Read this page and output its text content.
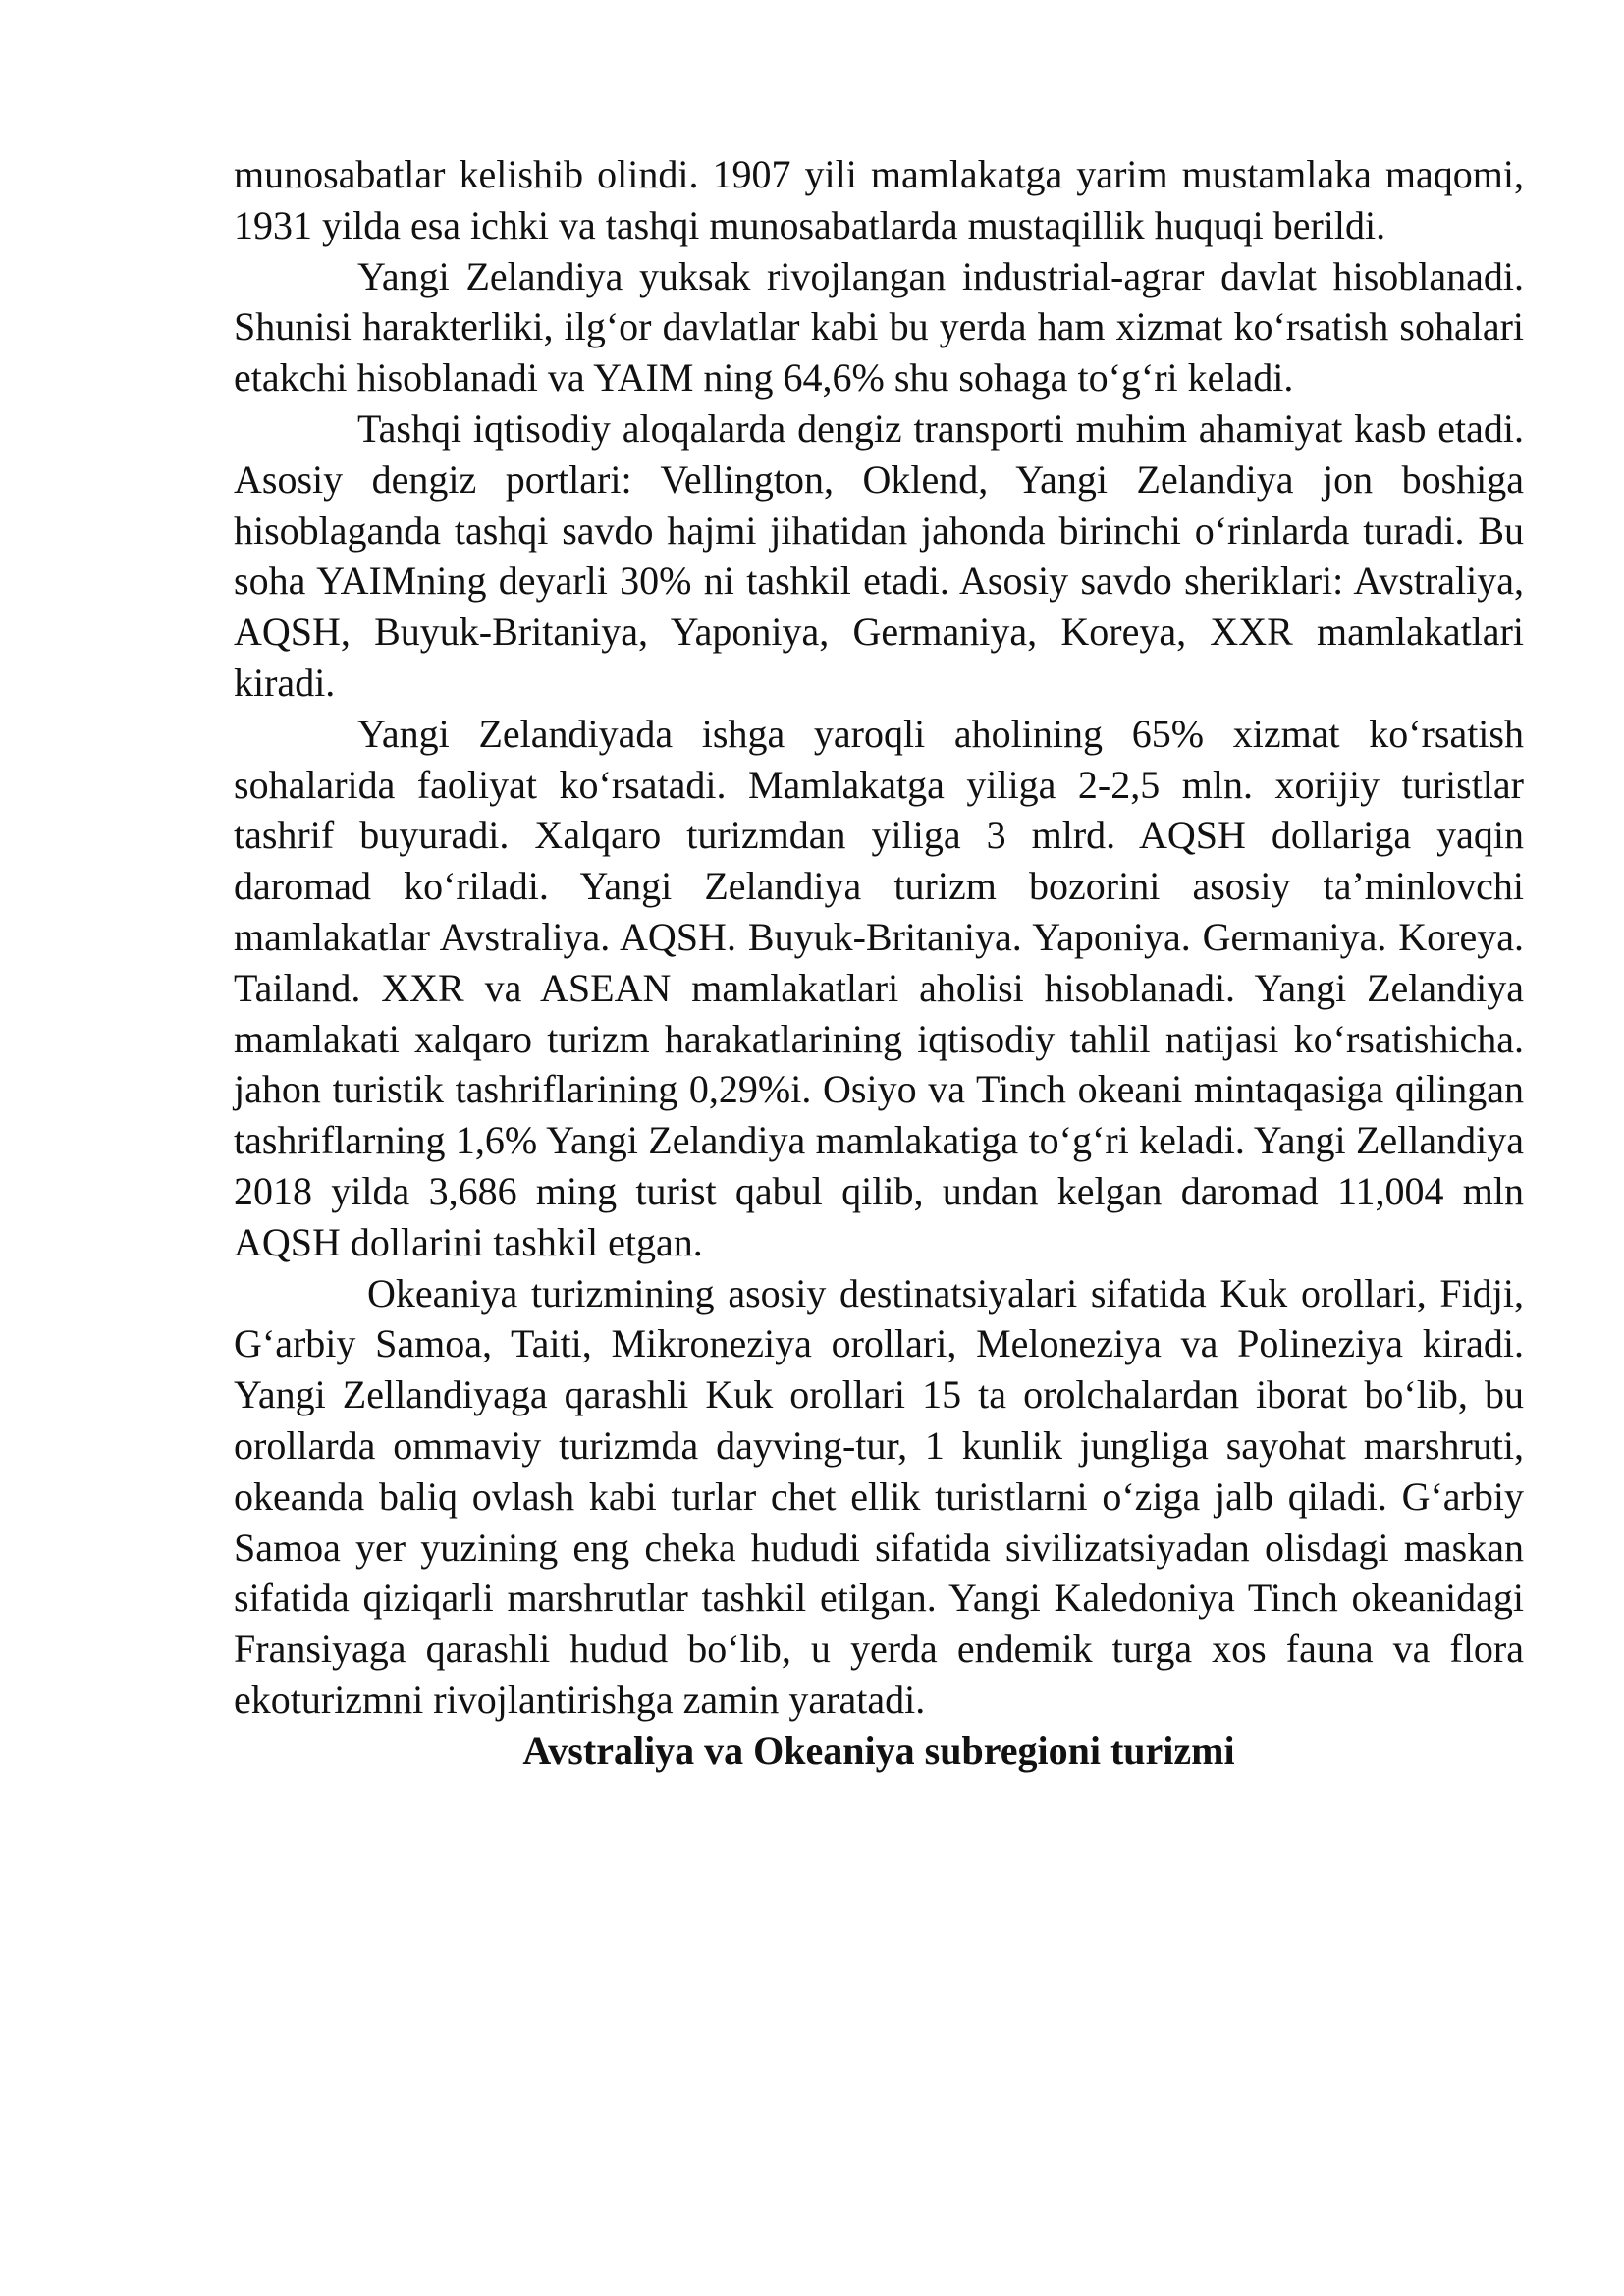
munosabatlar kelishib olindi. 1907 yili mamlakatga yarim mustamlaka maqomi, 1931 yilda esa ichki va tashqi munosabatlarda mustaqillik huquqi berildi.

Yangi Zelandiya yuksak rivojlangan industrial-agrar davlat hisoblanadi. Shunisi harakterliki, ilg‘or davlatlar kabi bu yerda ham xizmat ko‘rsatish sohalari etakchi hisoblanadi va YAIM ning 64,6% shu sohaga to‘g‘ri keladi.

Tashqi iqtisodiy aloqalarda dengiz transporti muhim ahamiyat kasb etadi. Asosiy dengiz portlari: Vellington, Oklend, Yangi Zelandiya jon boshiga hisoblaganda tashqi savdo hajmi jihatidan jahonda birinchi o‘rinlarda turadi. Bu soha YAIMning deyarli 30% ni tashkil etadi. Asosiy savdo sheriklari: Avstraliya, AQSH, Buyuk-Britaniya, Yaponiya, Germaniya, Koreya, XXR mamlakatlari kiradi.

Yangi Zelandiyada ishga yaroqli aholining 65% xizmat ko‘rsatish sohalarida faoliyat ko‘rsatadi. Mamlakatga yiliga 2-2,5 mln. xorijiy turistlar tashrif buyuradi. Xalqaro turizmdan yiliga 3 mlrd. AQSH dollariga yaqin daromad ko‘riladi. Yangi Zelandiya turizm bozorini asosiy ta’minlovchi mamlakatlar Avstraliya. AQSH. Buyuk-Britaniya. Yaponiya. Germaniya. Koreya. Tailand. XXR va ASEAN mamlakatlari aholisi hisoblanadi. Yangi Zelandiya mamlakati xalqaro turizm harakatlarining iqtisodiy tahlil natijasi ko‘rsatishicha. jahon turistik tashriflarining 0,29%i. Osiyo va Tinch okeani mintaqasiga qilingan tashriflarning 1,6% Yangi Zelandiya mamlakatiga to‘g‘ri keladi. Yangi Zellandiya 2018 yilda 3,686 ming turist qabul qilib, undan kelgan daromad 11,004 mln AQSH dollarini tashkil etgan.

Okeaniya turizmining asosiy destinatsiyalari sifatida Kuk orollari, Fidji, G‘arbiy Samoa, Taiti, Mikroneziya orollari, Meloneziya va Polineziya kiradi. Yangi Zellandiyaga qarashli Kuk orollari 15 ta orolchalardan iborat bo‘lib, bu orollarda ommaviy turizmda dayving-tur, 1 kunlik jungliga sayohat marshruti, okeanda baliq ovlash kabi turlar chet ellik turistlarni o‘ziga jalb qiladi. G‘arbiy Samoa yer yuzining eng cheka hududi sifatida sivilizatsiyadan olisdagi maskan sifatida qiziqarli marshrutlar tashkil etilgan. Yangi Kaledoniya Tinch okeanidagi Fransiyaga qarashli hudud bo‘lib, u yerda endemik turga xos fauna va flora ekoturizmni rivojlantirishga zamin yaratadi.

Avstraliya va Okeaniya subregioni turizmi
